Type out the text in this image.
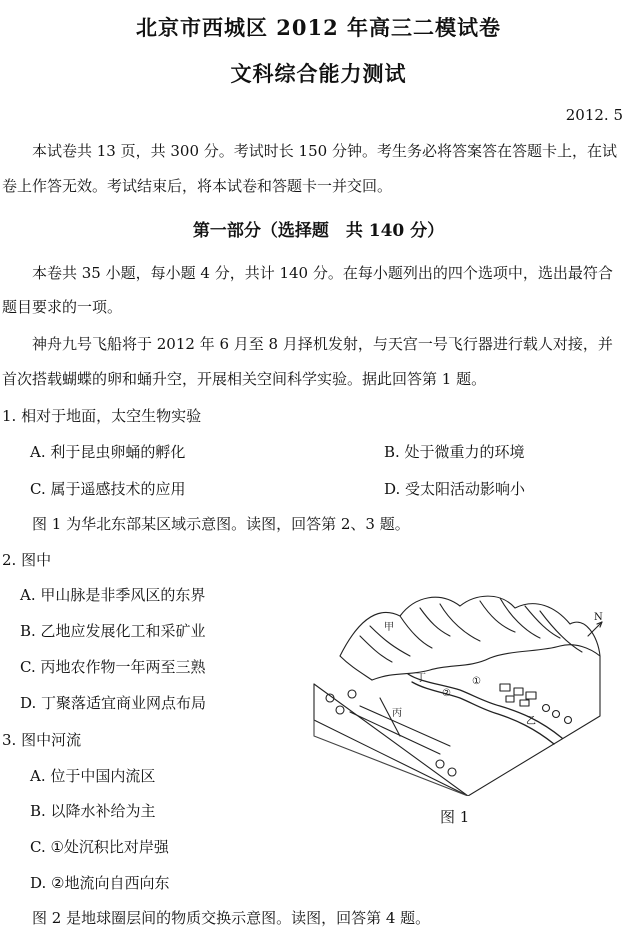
北京市西城区 2012 年高三二模试卷
文科综合能力测试
2012. 5
本试卷共 13 页，共 300 分。考试时长 150 分钟。考生务必将答案答在答题卡上，在试
卷上作答无效。考试结束后，将本试卷和答题卡一并交回。
第一部分（选择题　共 140 分）
本卷共 35 小题，每小题 4 分，共计 140 分。在每小题列出的四个选项中，选出最符合
题目要求的一项。
神舟九号飞船将于 2012 年 6 月至 8 月择机发射，与天宫一号飞行器进行载人对接，并
首次搭载蝴蝶的卵和蛹升空，开展相关空间科学实验。据此回答第 1 题。
1. 相对于地面，太空生物实验
A. 利于昆虫卵蛹的孵化	B. 处于微重力的环境
C. 属于遥感技术的应用	D. 受太阳活动影响小
图 1 为华北东部某区域示意图。读图，回答第 2、3 题。
2. 图中
A. 甲山脉是非季风区的东界
B. 乙地应发展化工和采矿业
C. 丙地农作物一年两至三熟
D. 丁聚落适宜商业网点布局
3. 图中河流
A. 位于中国内流区
B. 以降水补给为主
C. ①处沉积比对岸强
D. ②地流向自西向东
图 2 是地球圈层间的物质交换示意图。读图，回答第 4 题。
甲
丁	①
②
丙
乙
N
图 1
